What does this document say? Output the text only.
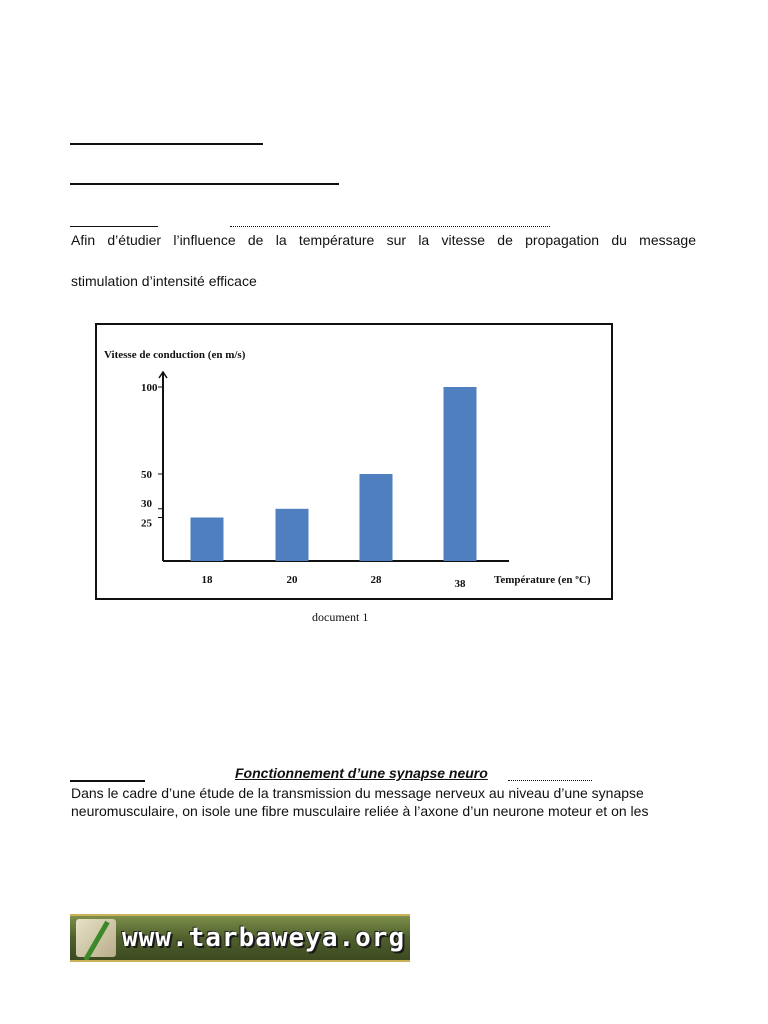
Afin d’étudier l’influence de la température sur la vitesse de propagation du message
stimulation d’intensité efficace
Vitesse de conduction (en m/s)
Température (en ºC)
100
50
30
25
18	20	28	38
document 1
Fonctionnement d’une synapse neuro
Dans le cadre d’une étude de la transmission du message nerveux au niveau d’une synapse
neuromusculaire, on isole une fibre musculaire reliée à l’axone d’un neurone moteur et on les
www.tarbaweya.org
